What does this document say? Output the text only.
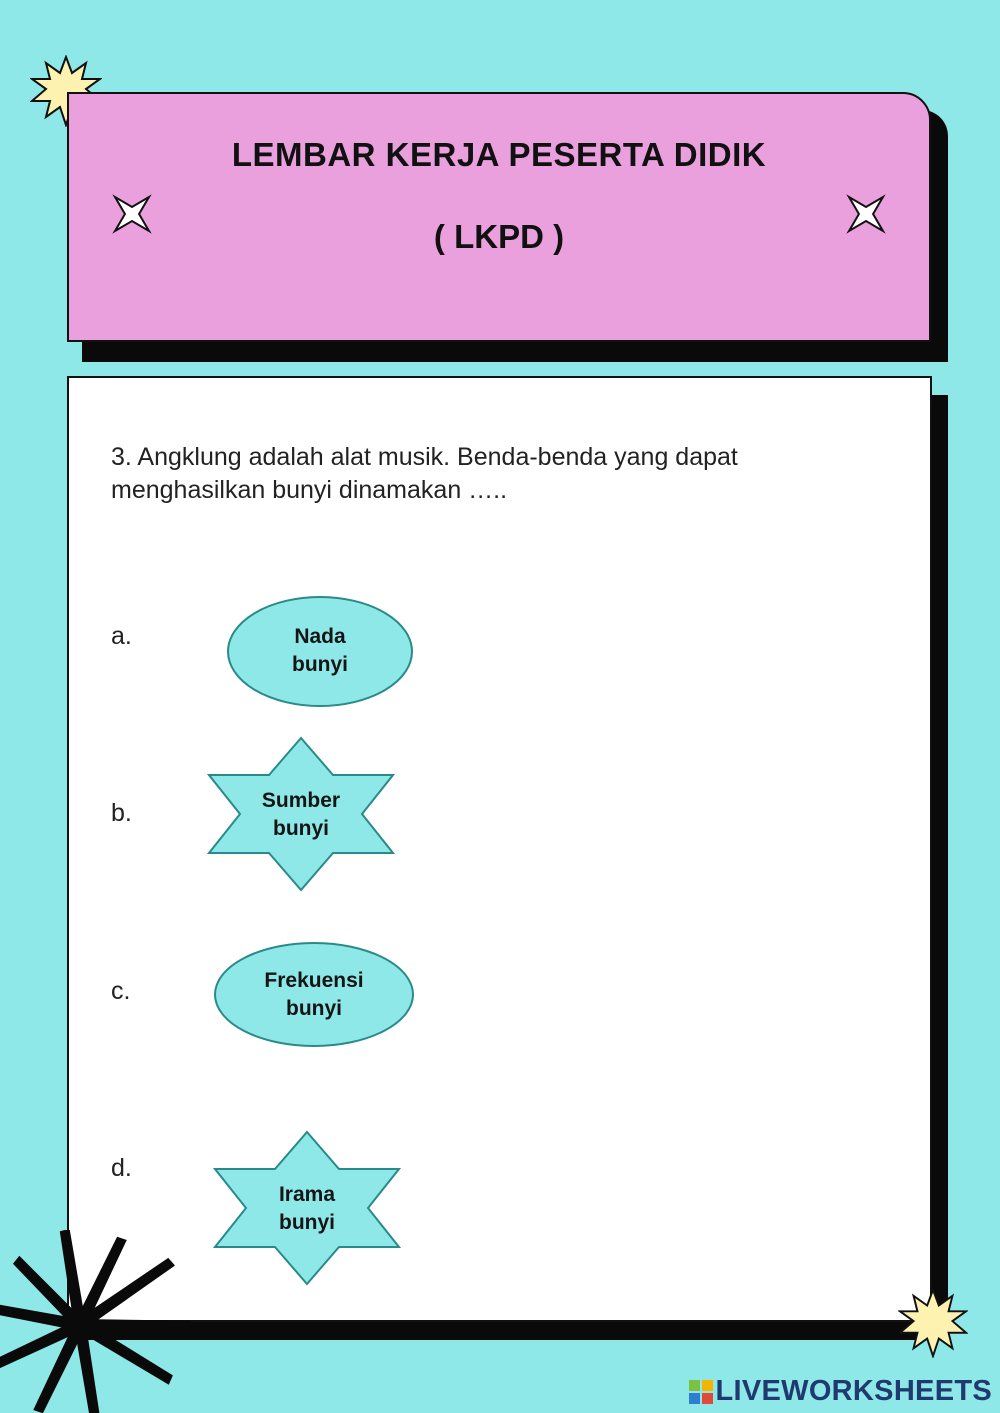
LEMBAR KERJA PESERTA DIDIK
( LKPD )
3. Angklung adalah alat musik. Benda-benda yang dapat menghasilkan bunyi dinamakan …..
a.
b.
c.
d.
Nada
bunyi
Sumber
bunyi
Frekuensi
bunyi
Irama
bunyi
LIVEWORKSHEETS
